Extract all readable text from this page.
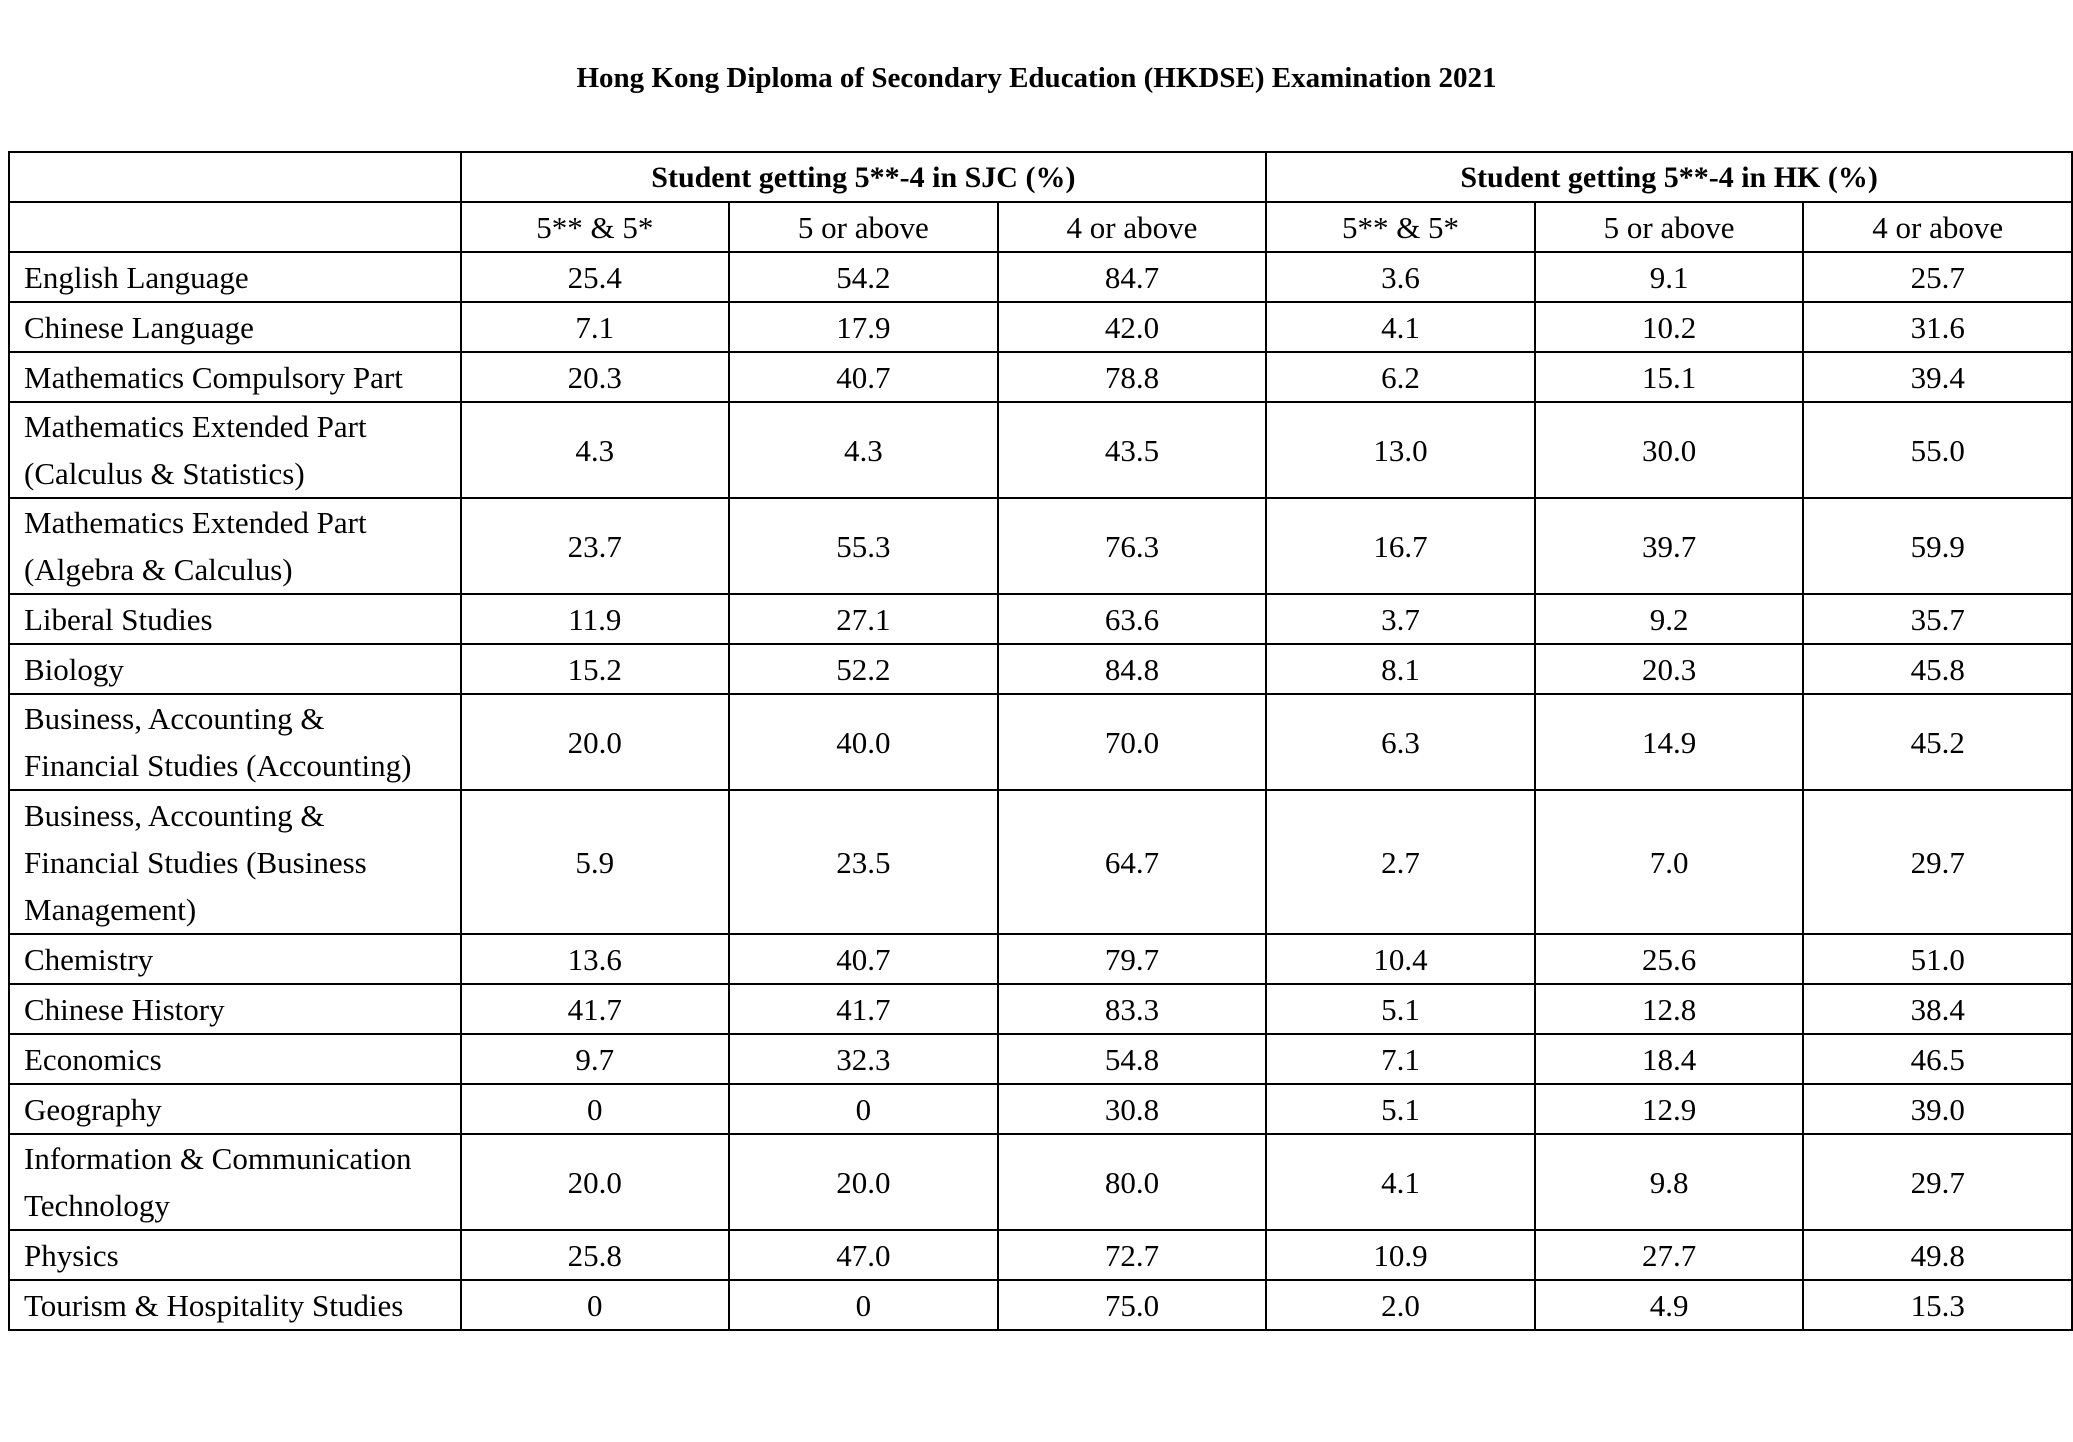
Hong Kong Diploma of Secondary Education (HKDSE) Examination 2021
	Student getting 5**-4 in SJC (%)			Student getting 5**-4 in HK (%)		
	5** & 5*	5 or above	4 or above	5** & 5*	5 or above	4 or above

English Language	25.4	54.2	84.7	3.6	9.1	25.7

Chinese Language	7.1	17.9	42.0	4.1	10.2	31.6

Mathematics Compulsory Part	20.3	40.7	78.8	6.2	15.1	39.4

Mathematics Extended Part
(Calculus & Statistics)	4.3	4.3	43.5	13.0	30.0	55.0

Mathematics Extended Part
(Algebra & Calculus)	23.7	55.3	76.3	16.7	39.7	59.9

Liberal Studies	11.9	27.1	63.6	3.7	9.2	35.7

Biology	15.2	52.2	84.8	8.1	20.3	45.8

Business, Accounting &
Financial Studies (Accounting)	20.0	40.0	70.0	6.3	14.9	45.2

Business, Accounting &
Financial Studies (Business
Management)	5.9	23.5	64.7	2.7	7.0	29.7

Chemistry	13.6	40.7	79.7	10.4	25.6	51.0

Chinese History	41.7	41.7	83.3	5.1	12.8	38.4

Economics	9.7	32.3	54.8	7.1	18.4	46.5

Geography	0	0	30.8	5.1	12.9	39.0

Information & Communication
Technology	20.0	20.0	80.0	4.1	9.8	29.7

Physics	25.8	47.0	72.7	10.9	27.7	49.8

Tourism & Hospitality Studies	0	0	75.0	2.0	4.9	15.3
